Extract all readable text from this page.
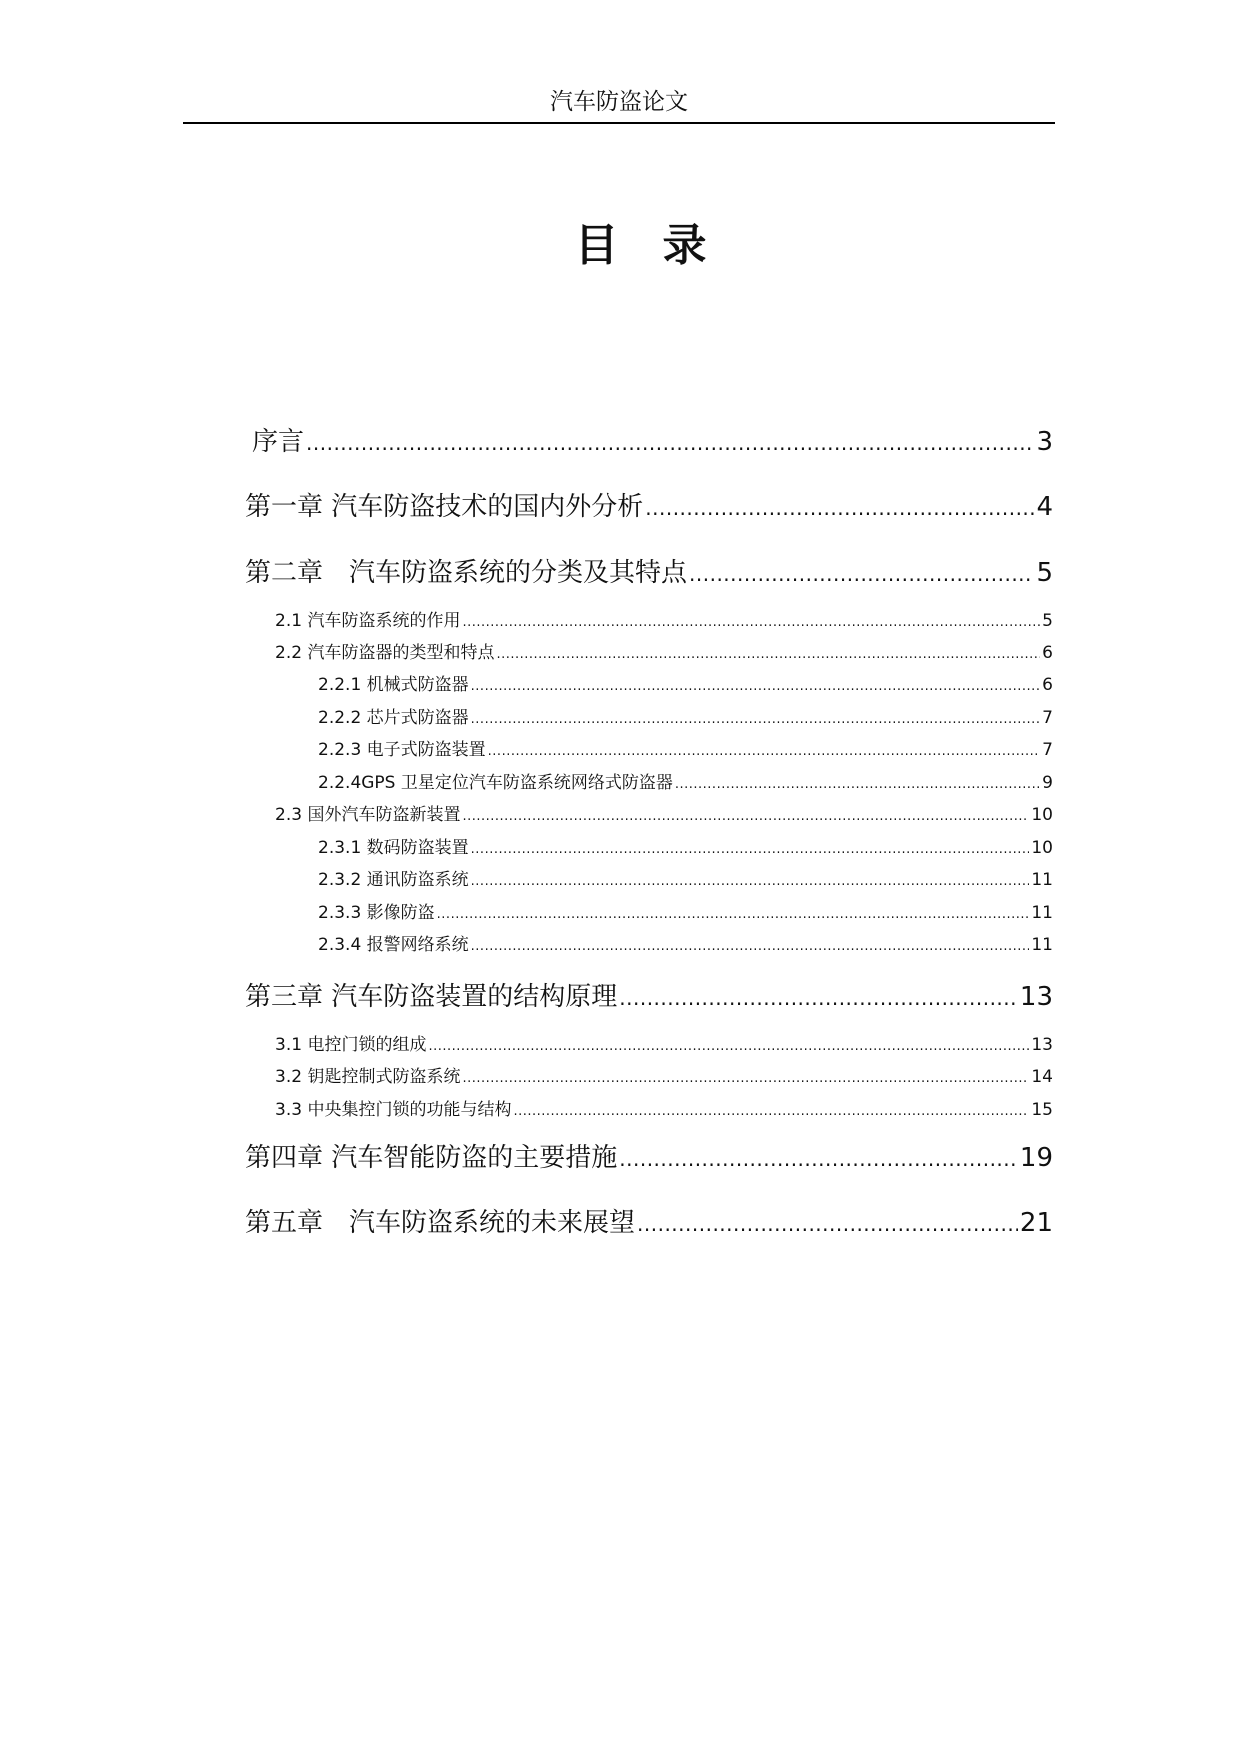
汽车防盗论文
目　录
序言 .....	3
第一章 汽车防盗技术的国内外分析 .....	4
第二章　汽车防盗系统的分类及其特点 .....	5
2.1 汽车防盗系统的作用 .....	5
2.2 汽车防盗器的类型和特点 .....	6
2.2.1 机械式防盗器 .....	6
2.2.2 芯片式防盗器 .....	7
2.2.3 电子式防盗装置 .....	7
2.2.4GPS 卫星定位汽车防盗系统网络式防盗器 .....	9
2.3 国外汽车防盗新装置 .....	10
2.3.1 数码防盗装置 .....	10
2.3.2 通讯防盗系统 .....	11
2.3.3 影像防盗 .....	11
2.3.4 报警网络系统 .....	11
第三章 汽车防盗装置的结构原理 .....	13
3.1 电控门锁的组成 .....	13
3.2 钥匙控制式防盗系统 .....	14
3.3 中央集控门锁的功能与结构 .....	15
第四章 汽车智能防盗的主要措施 .....	19
第五章　汽车防盗系统的未来展望 .....	21
